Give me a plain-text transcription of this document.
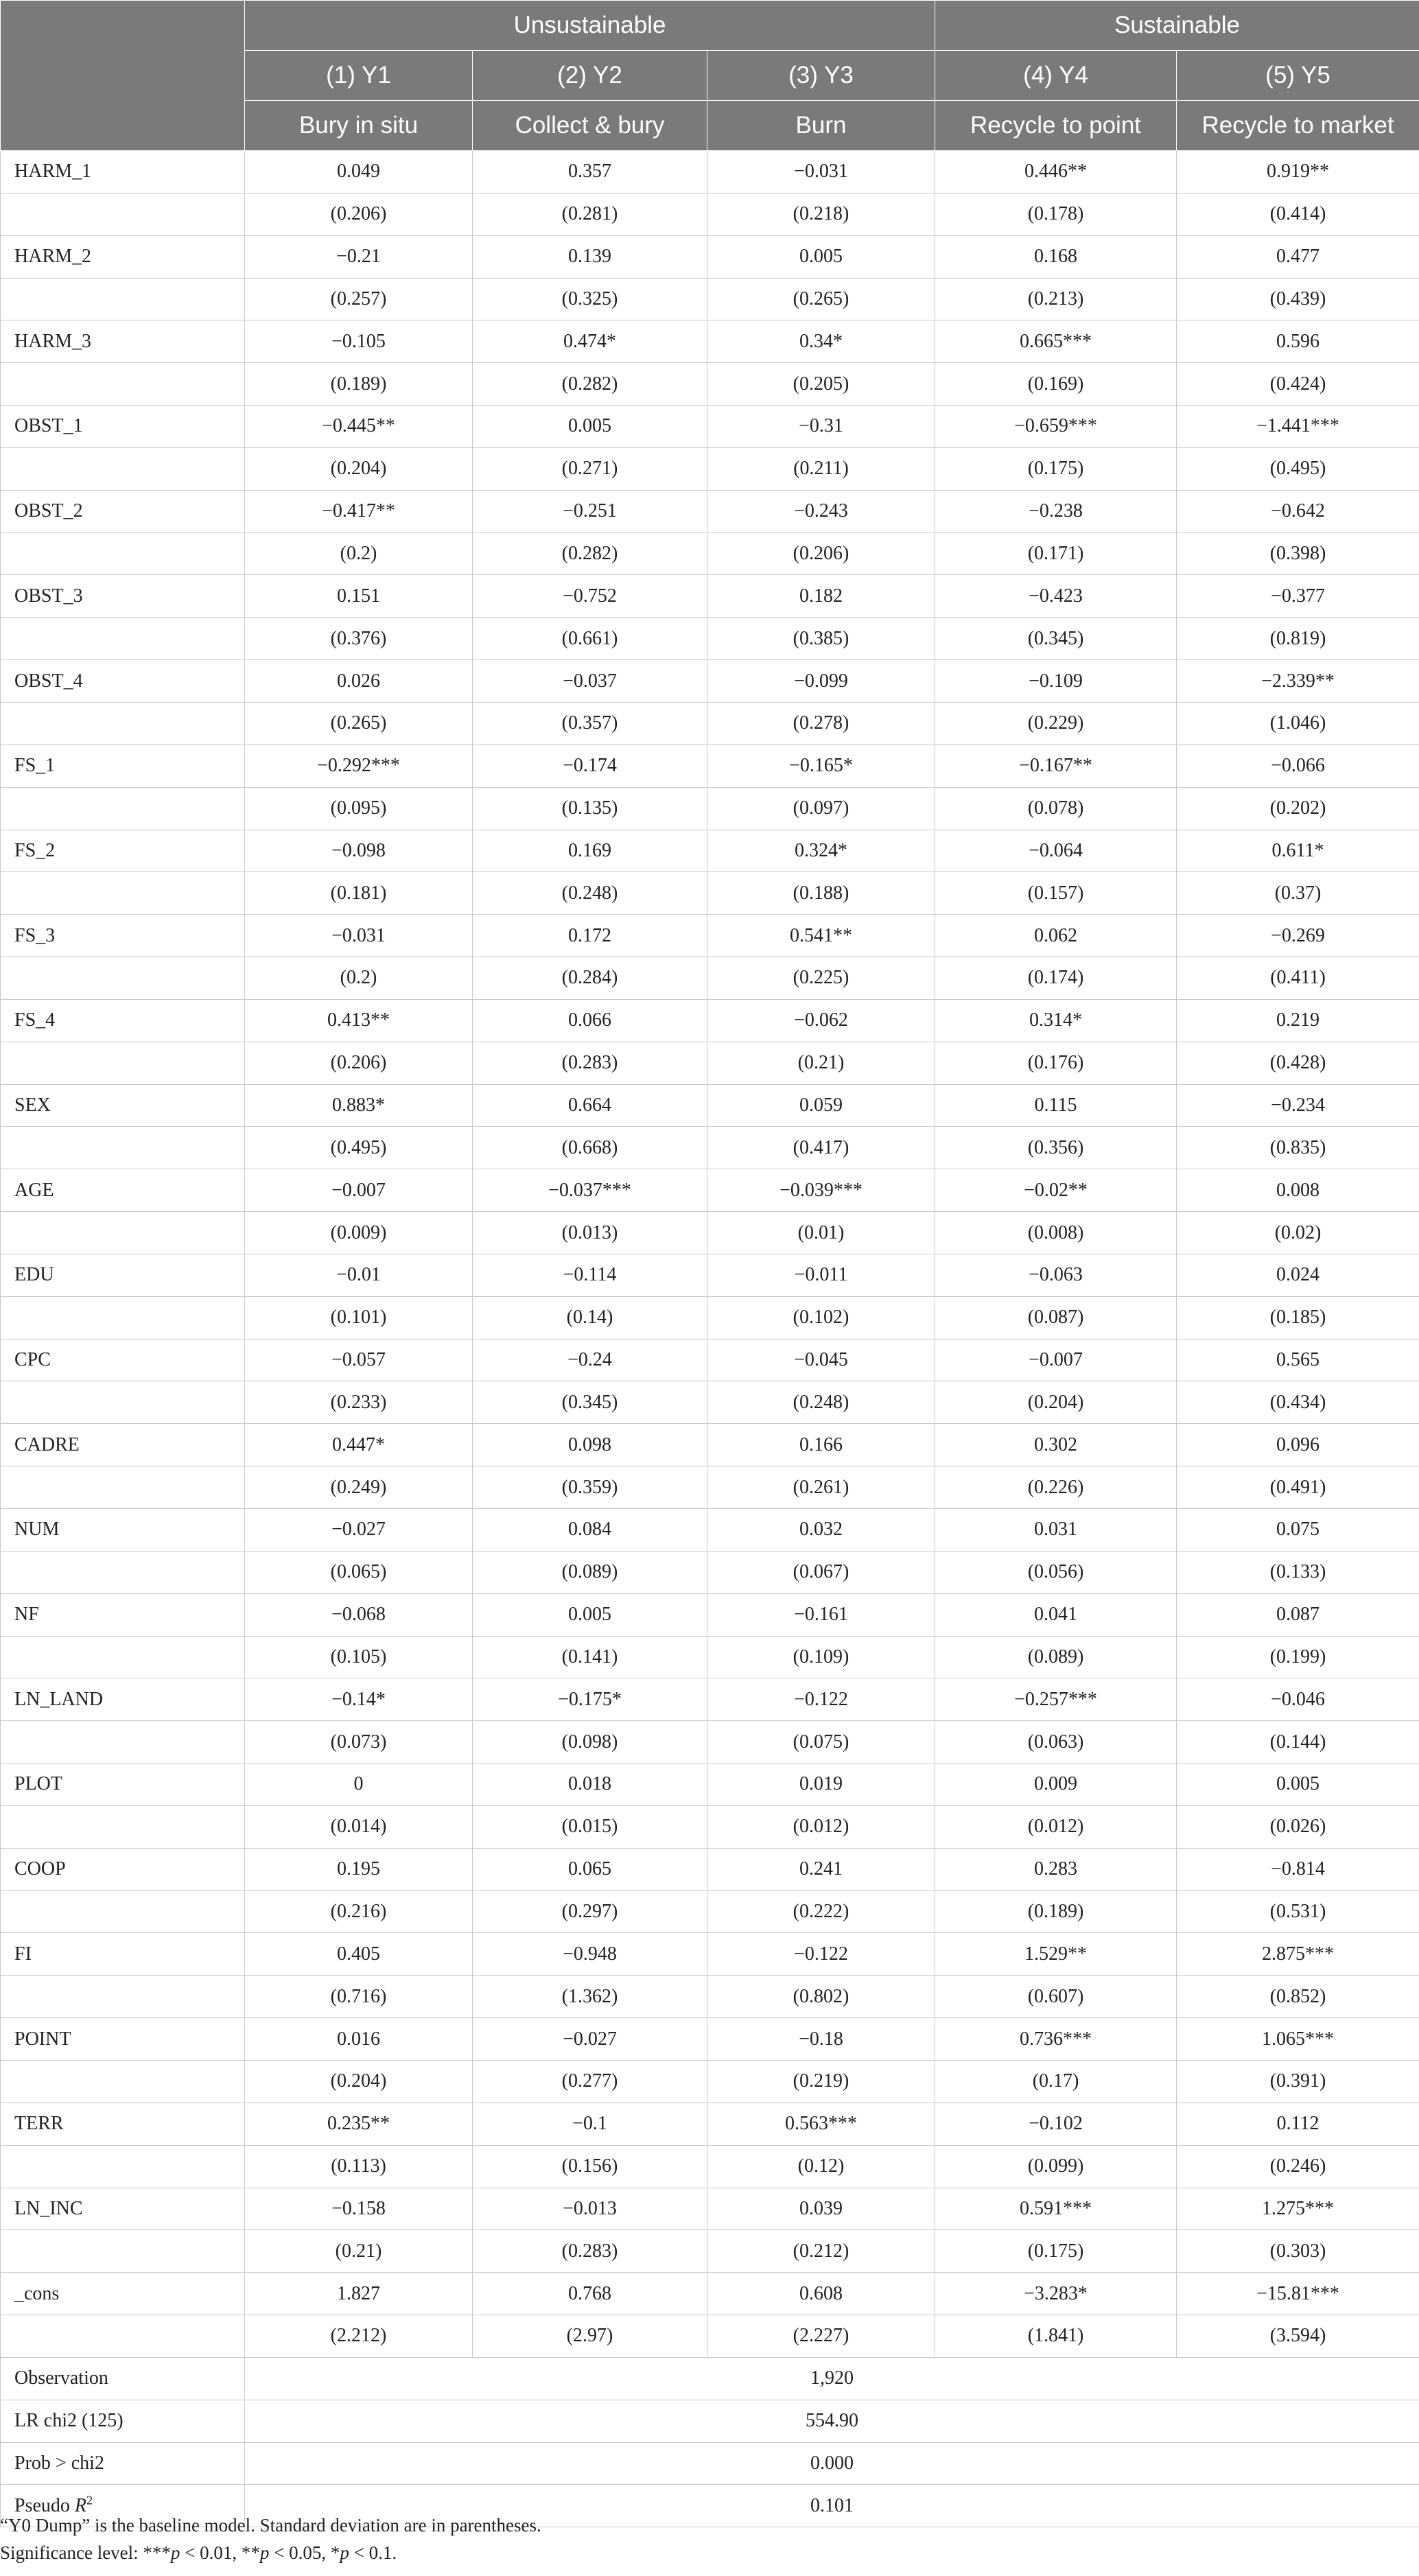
	Unsustainable			Sustainable	
	(1) Y1	(2) Y2	(3) Y3	(4) Y4	(5) Y5
	Bury in situ	Collect & bury	Burn	Recycle to point	Recycle to market
HARM_1	0.049	0.357	−0.031	0.446**	0.919**
	(0.206)	(0.281)	(0.218)	(0.178)	(0.414)
HARM_2	−0.21	0.139	0.005	0.168	0.477
	(0.257)	(0.325)	(0.265)	(0.213)	(0.439)
HARM_3	−0.105	0.474*	0.34*	0.665***	0.596
	(0.189)	(0.282)	(0.205)	(0.169)	(0.424)
OBST_1	−0.445**	0.005	−0.31	−0.659***	−1.441***
	(0.204)	(0.271)	(0.211)	(0.175)	(0.495)
OBST_2	−0.417**	−0.251	−0.243	−0.238	−0.642
	(0.2)	(0.282)	(0.206)	(0.171)	(0.398)
OBST_3	0.151	−0.752	0.182	−0.423	−0.377
	(0.376)	(0.661)	(0.385)	(0.345)	(0.819)
OBST_4	0.026	−0.037	−0.099	−0.109	−2.339**
	(0.265)	(0.357)	(0.278)	(0.229)	(1.046)
FS_1	−0.292***	−0.174	−0.165*	−0.167**	−0.066
	(0.095)	(0.135)	(0.097)	(0.078)	(0.202)
FS_2	−0.098	0.169	0.324*	−0.064	0.611*
	(0.181)	(0.248)	(0.188)	(0.157)	(0.37)
FS_3	−0.031	0.172	0.541**	0.062	−0.269
	(0.2)	(0.284)	(0.225)	(0.174)	(0.411)
FS_4	0.413**	0.066	−0.062	0.314*	0.219
	(0.206)	(0.283)	(0.21)	(0.176)	(0.428)
SEX	0.883*	0.664	0.059	0.115	−0.234
	(0.495)	(0.668)	(0.417)	(0.356)	(0.835)
AGE	−0.007	−0.037***	−0.039***	−0.02**	0.008
	(0.009)	(0.013)	(0.01)	(0.008)	(0.02)
EDU	−0.01	−0.114	−0.011	−0.063	0.024
	(0.101)	(0.14)	(0.102)	(0.087)	(0.185)
CPC	−0.057	−0.24	−0.045	−0.007	0.565
	(0.233)	(0.345)	(0.248)	(0.204)	(0.434)
CADRE	0.447*	0.098	0.166	0.302	0.096
	(0.249)	(0.359)	(0.261)	(0.226)	(0.491)
NUM	−0.027	0.084	0.032	0.031	0.075
	(0.065)	(0.089)	(0.067)	(0.056)	(0.133)
NF	−0.068	0.005	−0.161	0.041	0.087
	(0.105)	(0.141)	(0.109)	(0.089)	(0.199)
LN_LAND	−0.14*	−0.175*	−0.122	−0.257***	−0.046
	(0.073)	(0.098)	(0.075)	(0.063)	(0.144)
PLOT	0	0.018	0.019	0.009	0.005
	(0.014)	(0.015)	(0.012)	(0.012)	(0.026)
COOP	0.195	0.065	0.241	0.283	−0.814
	(0.216)	(0.297)	(0.222)	(0.189)	(0.531)
FI	0.405	−0.948	−0.122	1.529**	2.875***
	(0.716)	(1.362)	(0.802)	(0.607)	(0.852)
POINT	0.016	−0.027	−0.18	0.736***	1.065***
	(0.204)	(0.277)	(0.219)	(0.17)	(0.391)
TERR	0.235**	−0.1	0.563***	−0.102	0.112
	(0.113)	(0.156)	(0.12)	(0.099)	(0.246)
LN_INC	−0.158	−0.013	0.039	0.591***	1.275***
	(0.21)	(0.283)	(0.212)	(0.175)	(0.303)
_cons	1.827	0.768	0.608	−3.283*	−15.81***
	(2.212)	(2.97)	(2.227)	(1.841)	(3.594)
Observation	1,920				
LR chi2 (125)	554.90				
Prob > chi2	0.000				
Pseudo $R^2$	0.101				
“Y0 Dump” is the baseline model. Standard deviation are in parentheses.
Significance level: ***p < 0.01, **p < 0.05, *p < 0.1.
